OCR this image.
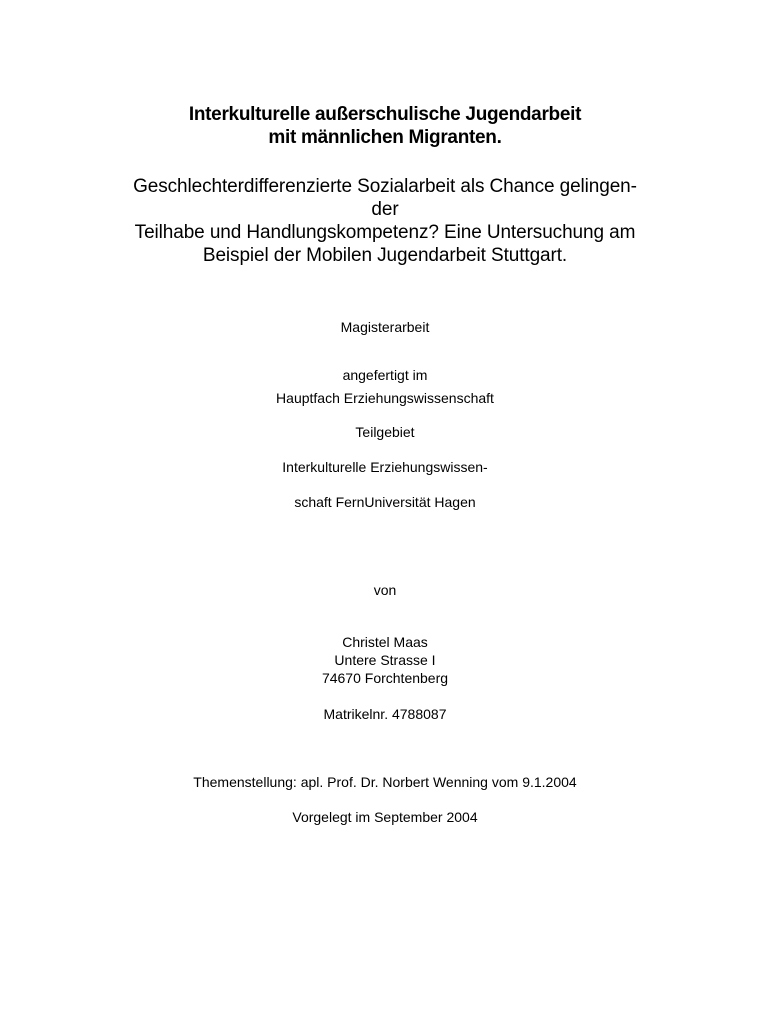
Interkulturelle außerschulische Jugendarbeit
mit männlichen Migranten.
Geschlechterdifferenzierte Sozialarbeit als Chance gelingen-
der
Teilhabe und Handlungskompetenz? Eine Untersuchung am
Beispiel der Mobilen Jugendarbeit Stuttgart.
Magisterarbeit
angefertigt im
Hauptfach Erziehungswissenschaft
Teilgebiet
Interkulturelle Erziehungswissen-
schaft FernUniversität Hagen
von
Christel Maas
Untere Strasse I
74670 Forchtenberg
Matrikelnr. 4788087
Themenstellung: apl. Prof. Dr. Norbert Wenning vom 9.1.2004
Vorgelegt im September 2004
